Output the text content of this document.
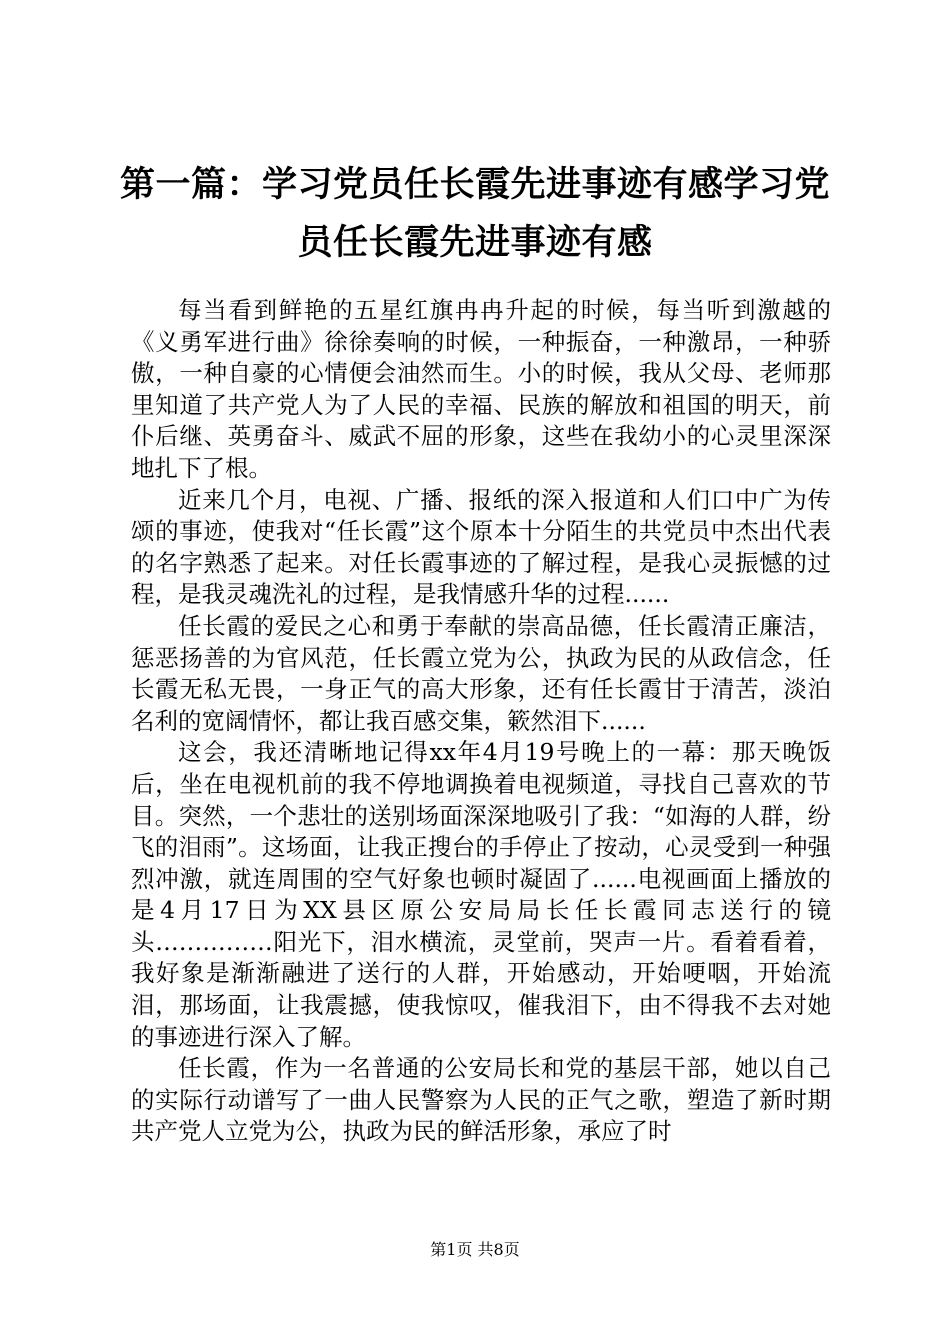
第一篇：学习党员任长霞先进事迹有感学习党
员任长霞先进事迹有感

每当看到鲜艳的五星红旗冉冉升起的时候，每当听到激越的《义勇军进行曲》徐徐奏响的时候，一种振奋，一种激昂，一种骄傲，一种自豪的心情便会油然而生。小的时候，我从父母、老师那里知道了共产党人为了人民的幸福、民族的解放和祖国的明天，前仆后继、英勇奋斗、威武不屈的形象，这些在我幼小的心灵里深深地扎下了根。

近来几个月，电视、广播、报纸的深入报道和人们口中广为传颂的事迹，使我对“任长霞”这个原本十分陌生的共党员中杰出代表的名字熟悉了起来。对任长霞事迹的了解过程，是我心灵振憾的过程，是我灵魂洗礼的过程，是我情感升华的过程......

任长霞的爱民之心和勇于奉献的崇高品德，任长霞清正廉洁，惩恶扬善的为官风范，任长霞立党为公，执政为民的从政信念，任长霞无私无畏，一身正气的高大形象，还有任长霞甘于清苦，淡泊名利的宽阔情怀，都让我百感交集，簌然泪下......

这会，我还清晰地记得xx年4月19号晚上的一幕：那天晚饭后，坐在电视机前的我不停地调换着电视频道，寻找自己喜欢的节目。突然，一个悲壮的送别场面深深地吸引了我：“如海的人群，纷飞的泪雨”。这场面，让我正搜台的手停止了按动，心灵受到一种强烈冲激，就连周围的空气好象也顿时凝固了......电视画面上播放的是4月17日为XX县区原公安局局长任长霞同志送行的镜头……………阳光下，泪水横流，灵堂前，哭声一片。看着看着，我好象是渐渐融进了送行的人群，开始感动，开始哽咽，开始流泪，那场面，让我震撼，使我惊叹，催我泪下，由不得我不去对她的事迹进行深入了解。

任长霞，作为一名普通的公安局长和党的基层干部，她以自己的实际行动谱写了一曲人民警察为人民的正气之歌，塑造了新时期共产党人立党为公，执政为民的鲜活形象，承应了时

第1页 共8页
